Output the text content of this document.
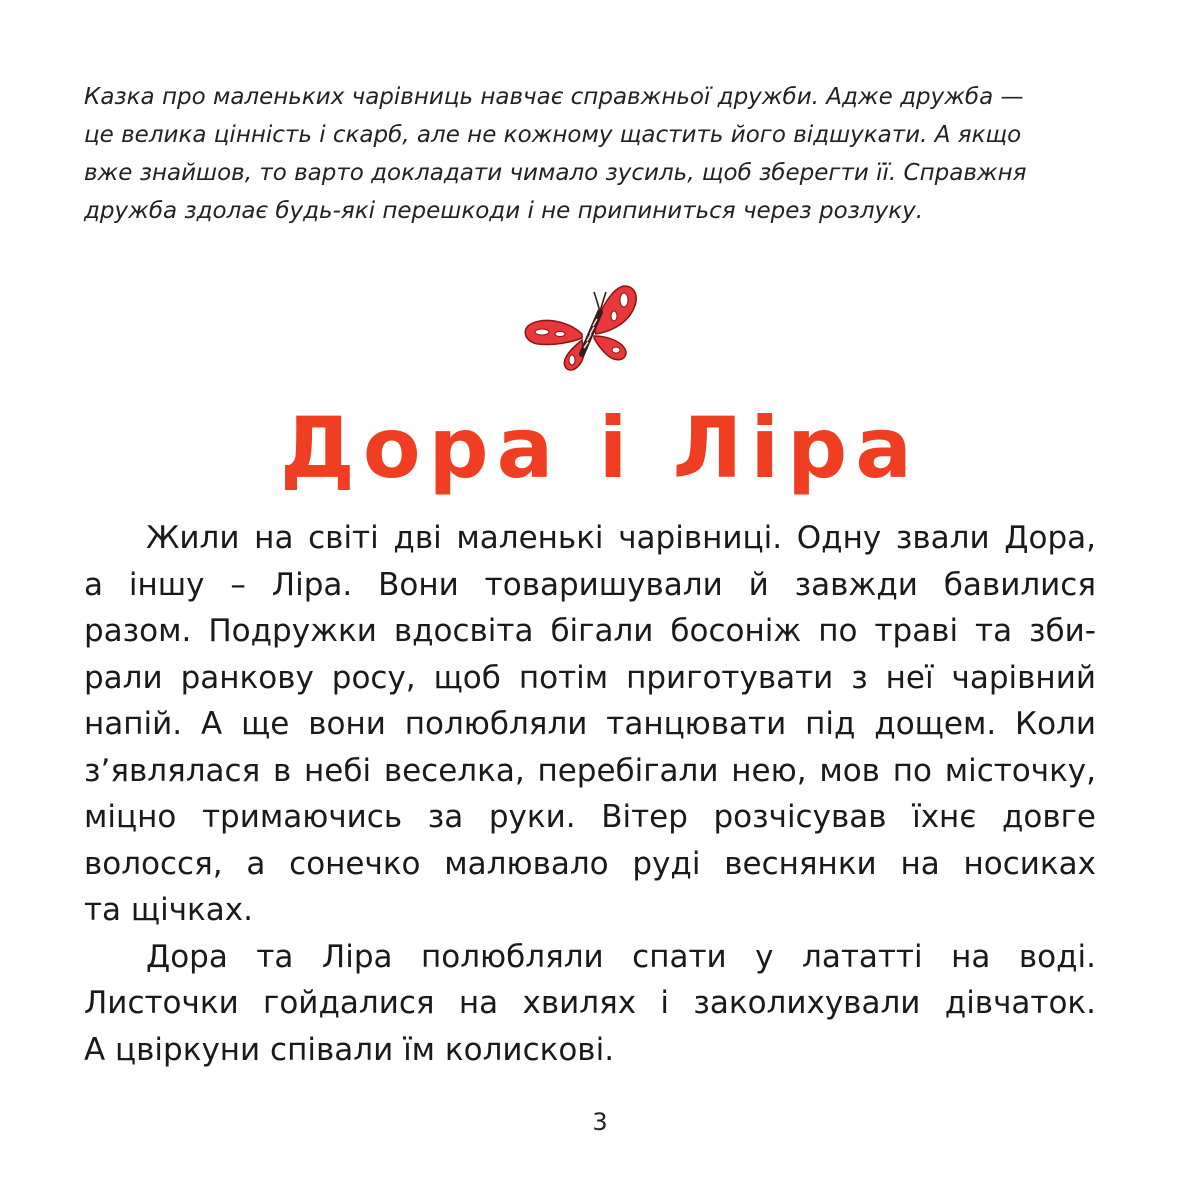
Казка про маленьких чарівниць навчає справжньої дружби. Адже дружба —
це велика цінність і скарб, але не кожному щастить його відшукати. А якщо
вже знайшов, то варто докладати чималo зусиль, щоб зберегти її. Справжня
дружба здолає будь-які перешкоди і не припиниться через розлуку.
Дора і Ліра
Жили на світі дві маленькі чарівниці. Одну звали Дора,
а іншу – Ліра. Вони товаришували й завжди бавилися
разом. Подружки вдосвіта бігали босоніж по траві та зби-
рали ранкову росу, щоб потім приготувати з неї чарівний
напій. А ще вони полюбляли танцювати під дощем. Коли
з’являлася в небі веселка, перебігали нею, мов по місточку,
міцно тримаючись за руки. Вітер розчісував їхнє довге
волосся, а сонечко малювало руді веснянки на носиках
та щічках.
Дора та Ліра полюбляли спати у лататті на воді.
Листочки гойдалися на хвилях і заколихували дівчаток.
А цвіркуни співали їм колискові.
3
